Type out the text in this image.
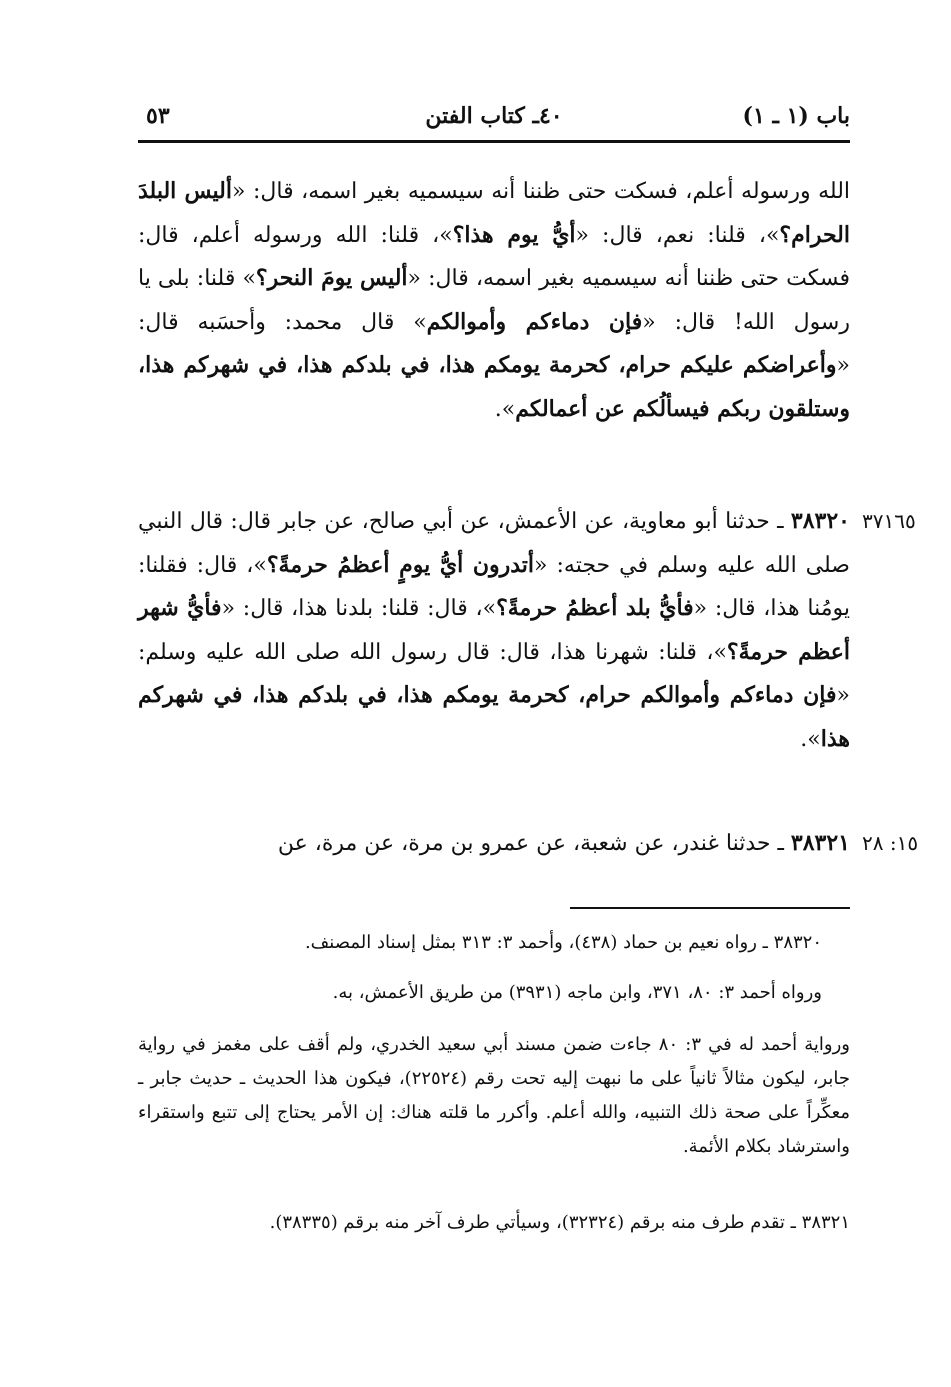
باب (١ ـ ١)
٤٠ـ كتاب الفتن
٥٣
الله ورسوله أعلم، فسكت حتى ظننا أنه سيسميه بغير اسمه، قال: «أليس البلدَ الحرام؟»، قلنا: نعم، قال: «أيُّ يوم هذا؟»، قلنا: الله ورسوله أعلم، قال: فسكت حتى ظننا أنه سيسميه بغير اسمه، قال: «أليس يومَ النحر؟» قلنا: بلى يا رسول الله! قال: «فإن دماءكم وأموالكم» قال محمد: وأحسَبه قال: «وأعراضكم عليكم حرام، كحرمة يومكم هذا، في بلدكم هذا، في شهركم هذا، وستلقون ربكم فيسألُكم عن أعمالكم».
٣٧١٦٥
٣٨٣٢٠ ـ حدثنا أبو معاوية، عن الأعمش، عن أبي صالح، عن جابر قال: قال النبي صلى الله عليه وسلم في حجته: «أتدرون أيُّ يومٍ أعظمُ حرمةً؟»، قال: فقلنا: يومُنا هذا، قال: «فأيُّ بلد أعظمُ حرمةً؟»، قال: قلنا: بلدنا هذا، قال: «فأيُّ شهر أعظم حرمةً؟»، قلنا: شهرنا هذا، قال: قال رسول الله صلى الله عليه وسلم: «فإن دماءكم وأموالكم حرام، كحرمة يومكم هذا، في بلدكم هذا، في شهركم هذا».
١٥: ٢٨
٣٨٣٢١ ـ حدثنا غندر، عن شعبة، عن عمرو بن مرة، عن مرة، عن
٣٨٣٢٠ ـ رواه نعيم بن حماد (٤٣٨)، وأحمد ٣: ٣١٣ بمثل إسناد المصنف.
ورواه أحمد ٣: ٨٠، ٣٧١، وابن ماجه (٣٩٣١) من طريق الأعمش، به.
ورواية أحمد له في ٣: ٨٠ جاءت ضمن مسند أبي سعيد الخدري، ولم أقف على مغمز في رواية جابر، ليكون مثالاً ثانياً على ما نبهت إليه تحت رقم (٢٢٥٢٤)، فيكون هذا الحديث ـ حديث جابر ـ معكِّراً على صحة ذلك التنبيه، والله أعلم. وأكرر ما قلته هناك: إن الأمر يحتاج إلى تتبع واستقراء واسترشاد بكلام الأئمة.
٣٨٣٢١ ـ تقدم طرف منه برقم (٣٢٣٢٤)، وسيأتي طرف آخر منه برقم (٣٨٣٣٥).
